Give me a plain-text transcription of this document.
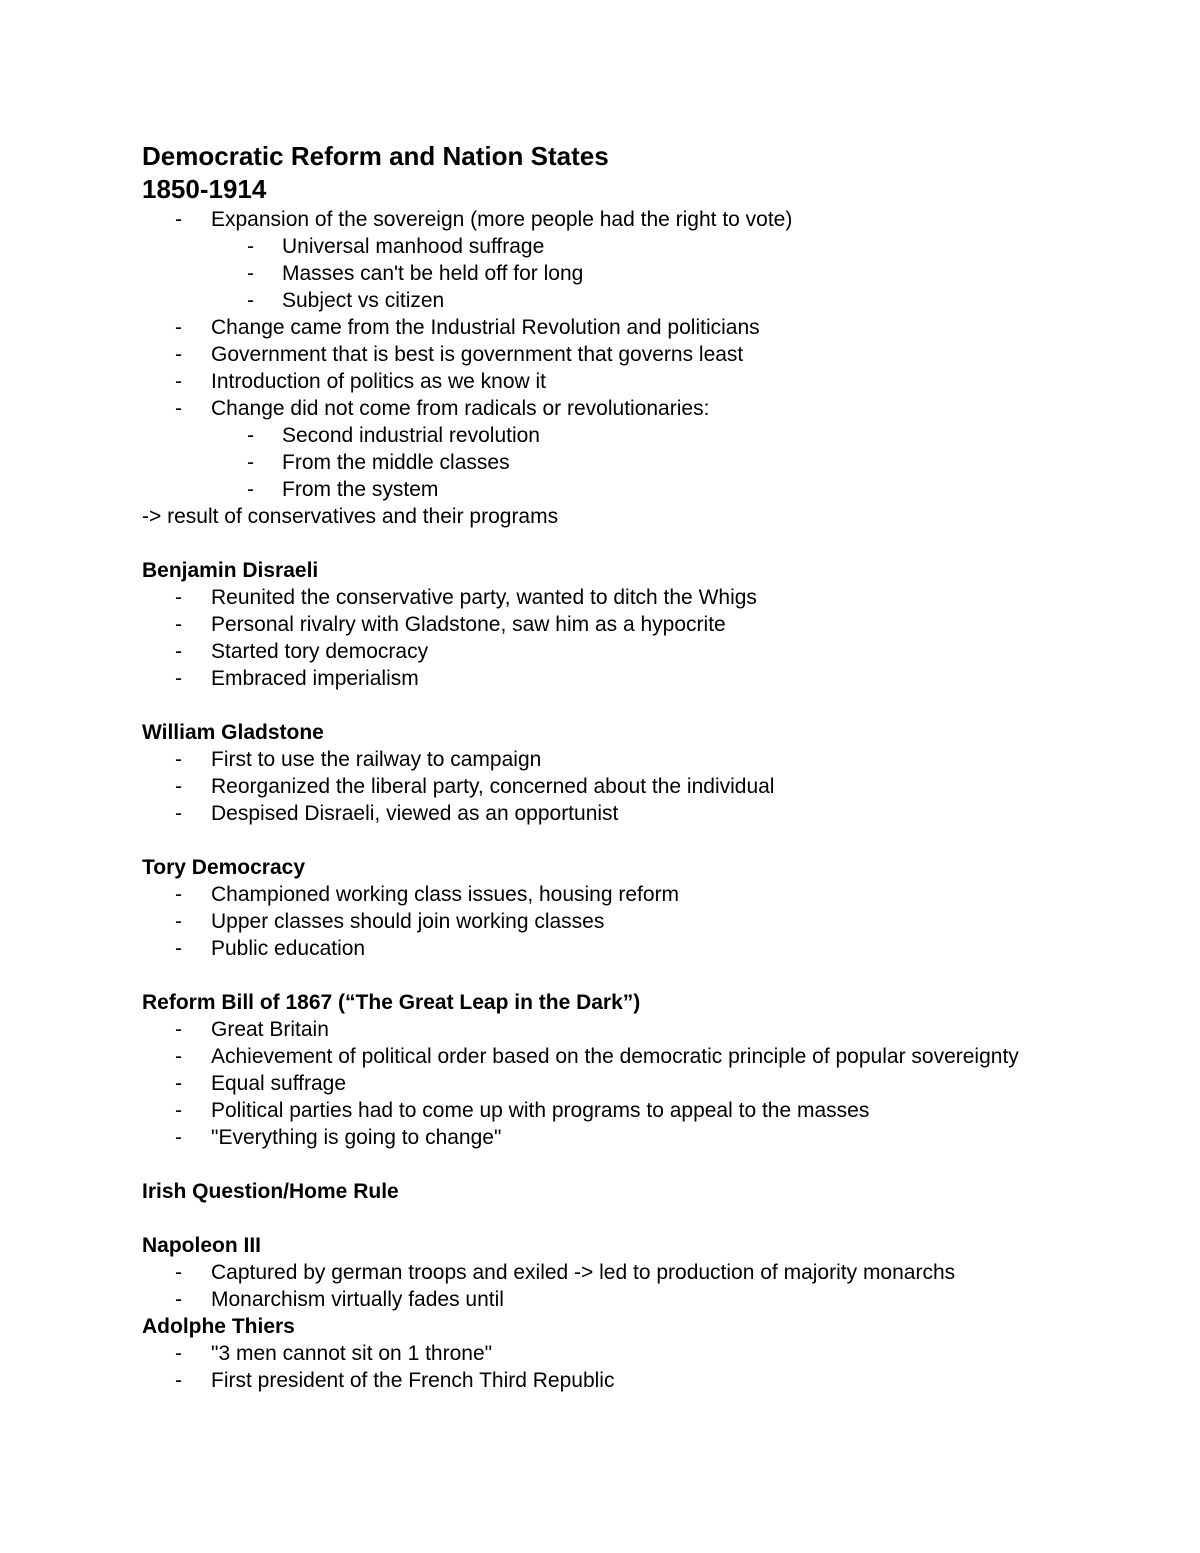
Democratic Reform and Nation States
1850-1914
- Expansion of the sovereign (more people had the right to vote)
- Universal manhood suffrage
- Masses can't be held off for long
- Subject vs citizen
- Change came from the Industrial Revolution and politicians
- Government that is best is government that governs least
- Introduction of politics as we know it
- Change did not come from radicals or revolutionaries:
- Second industrial revolution
- From the middle classes
- From the system
-> result of conservatives and their programs
Benjamin Disraeli
- Reunited the conservative party, wanted to ditch the Whigs
- Personal rivalry with Gladstone, saw him as a hypocrite
- Started tory democracy
- Embraced imperialism
William Gladstone
- First to use the railway to campaign
- Reorganized the liberal party, concerned about the individual
- Despised Disraeli, viewed as an opportunist
Tory Democracy
- Championed working class issues, housing reform
- Upper classes should join working classes
- Public education
Reform Bill of 1867 (“The Great Leap in the Dark”)
- Great Britain
- Achievement of political order based on the democratic principle of popular sovereignty
- Equal suffrage
- Political parties had to come up with programs to appeal to the masses
- "Everything is going to change"
Irish Question/Home Rule
Napoleon III
- Captured by german troops and exiled -> led to production of majority monarchs
- Monarchism virtually fades until
Adolphe Thiers
- "3 men cannot sit on 1 throne"
- First president of the French Third Republic
